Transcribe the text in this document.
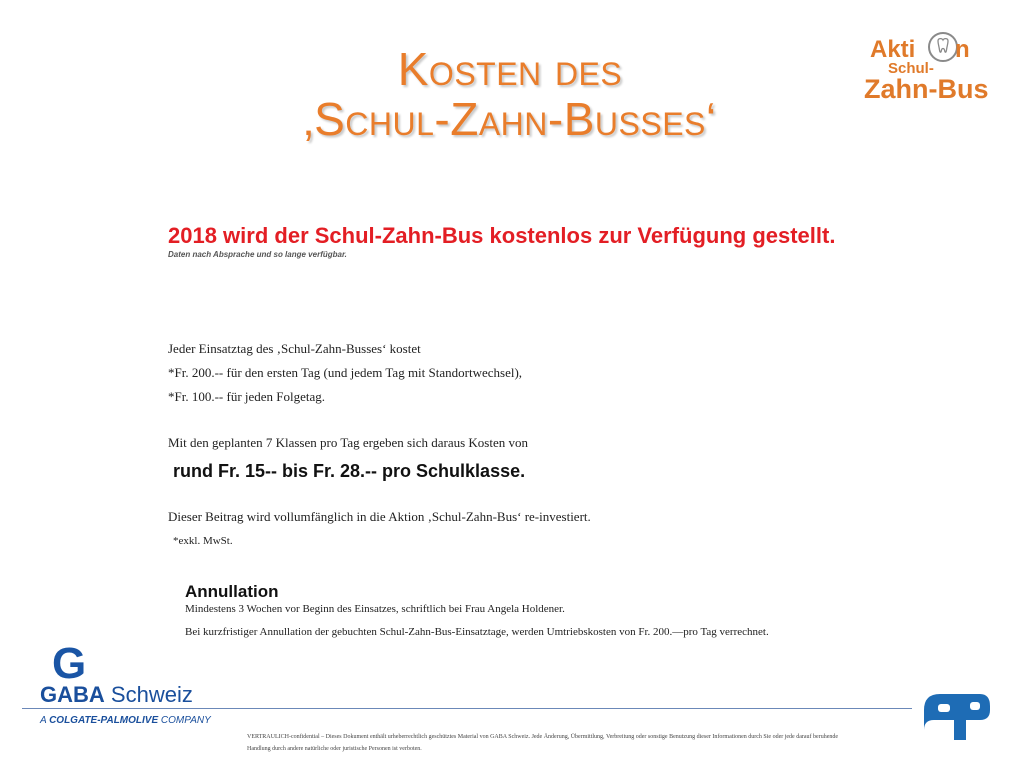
Kosten des
‚Schul-Zahn-Busses‘
Akti n
Schul-
Zahn-Bus
2018 wird der Schul-Zahn-Bus kostenlos zur Verfügung gestellt.
Daten nach Absprache und so lange verfügbar.
Jeder Einsatztag des ‚Schul-Zahn-Busses‘ kostet
*Fr. 200.-- für den ersten Tag (und jedem Tag mit Standortwechsel),
*Fr. 100.-- für jeden Folgetag.
Mit den geplanten 7 Klassen pro Tag ergeben sich daraus Kosten von
rund Fr. 15-- bis Fr. 28.-- pro Schulklasse.
Dieser Beitrag wird vollumfänglich in die Aktion ‚Schul-Zahn-Bus‘ re-investiert.
*exkl. MwSt.
Annullation
Mindestens 3 Wochen vor Beginn des Einsatzes, schriftlich bei Frau Angela Holdener.
Bei kurzfristiger Annullation der gebuchten Schul-Zahn-Bus-Einsatztage, werden Umtriebskosten von Fr. 200.—pro Tag verrechnet.
G
GABA Schweiz
A COLGATE-PALMOLIVE COMPANY
VERTRAULICH-confidential – Dieses Dokument enthält urheberrechtlich geschütztes Material von GABA Schweiz. Jede Änderung, Übermittlung, Verbreitung oder sonstige Benutzung dieser Informationen durch Sie oder jede darauf beruhende
Handlung durch andere natürliche oder juristische Personen ist verboten.
